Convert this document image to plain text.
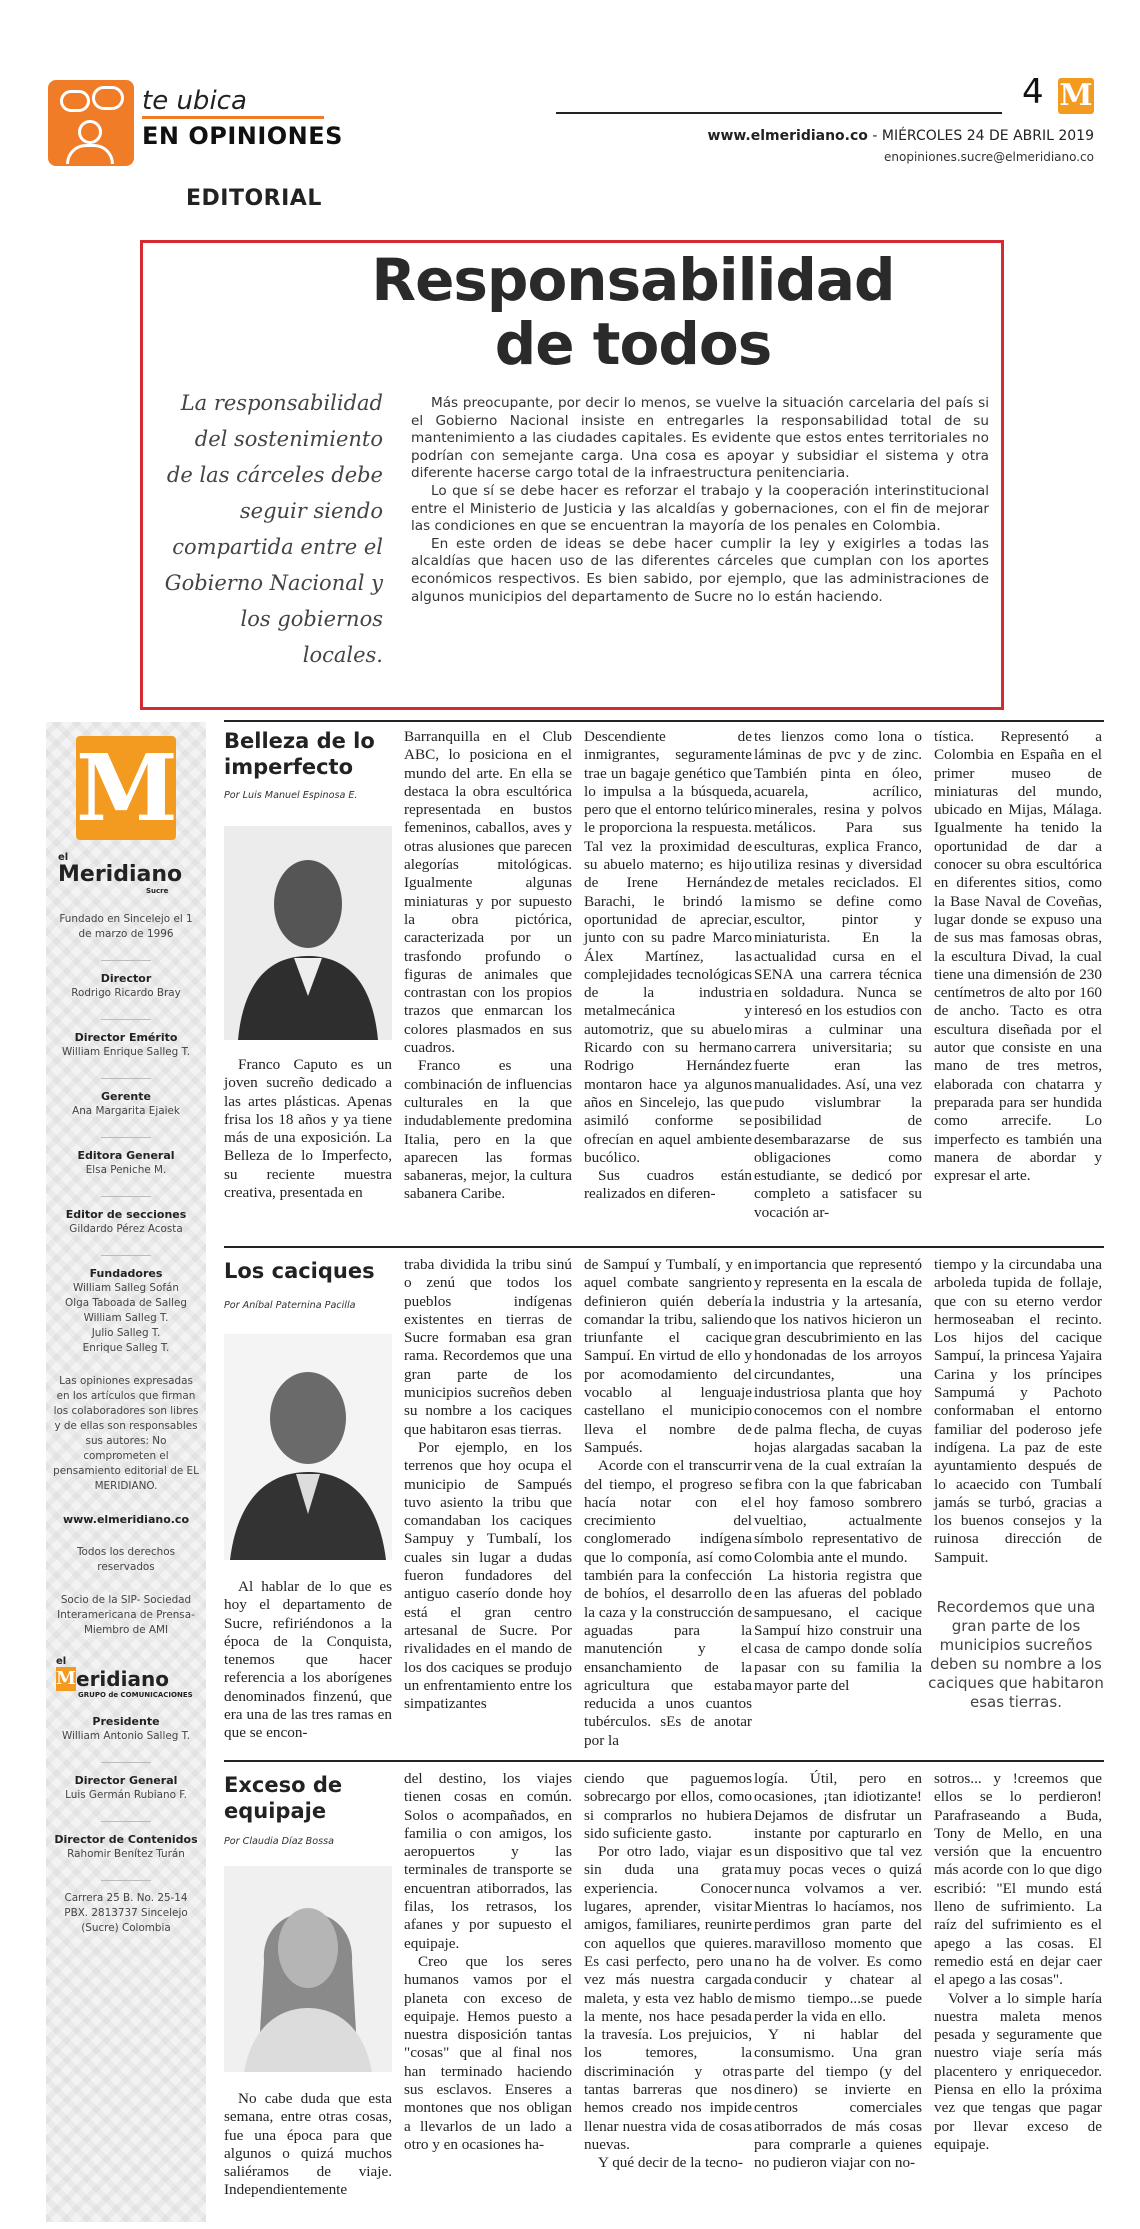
te ubica
EN OPINIONES
4 M
www.elmeridiano.co - MIÉRCOLES 24 DE ABRIL 2019
enopiniones.sucre@elmeridiano.co
EDITORIAL
Responsabilidad
de todos
La responsabilidad del sostenimiento de las cárceles debe seguir siendo compartida entre el Gobierno Nacional y los gobiernos locales.

Más preocupante, por decir lo menos, se vuelve la situación carcelaria del país si el Gobierno Nacional insiste en entregarles la responsabilidad total de su mantenimiento a las ciudades capitales. Es evidente que estos entes territoriales no podrían con semejante carga. Una cosa es apoyar y subsidiar el sistema y otra diferente hacerse cargo total de la infraestructura penitenciaria.

Lo que sí se debe hacer es reforzar el trabajo y la cooperación interinstitucional entre el Ministerio de Justicia y las alcaldías y gobernaciones, con el fin de mejorar las condiciones en que se encuentran la mayoría de los penales en Colombia.

En este orden de ideas se debe hacer cumplir la ley y exigirles a todas las alcaldías que hacen uso de las diferentes cárceles que cumplan con los aportes económicos respectivos. Es bien sabido, por ejemplo, que las administraciones de algunos municipios del departamento de Sucre no lo están haciendo.

M
el
Meridiano
Sucre
Fundado en Sincelejo el 1 de marzo de 1996
Director
Rodrigo Ricardo Bray
Director Emérito
William Enrique Salleg T.
Gerente
Ana Margarita Ejaiek
Editora General
Elsa Peniche M.
Editor de secciones
Gildardo Pérez Acosta
Fundadores
William Salleg Sofán
Olga Taboada de Salleg
William Salleg T.
Julio Salleg T.
Enrique Salleg T.
Las opiniones expresadas en los artículos que firman los colaboradores son libres y de ellas son responsables sus autores: No comprometen el pensamiento editorial de EL MERIDIANO.
www.elmeridiano.co
Todos los derechos reservados
Socio de la SIP- Sociedad Interamericana de Prensa- Miembro de AMI
el
M eridiano
GRUPO de COMUNICACIONES
Presidente
William Antonio Salleg T.
Director General
Luis Germán Rubiano F.
Director de Contenidos
Rahomir Benítez Turán
Carrera 25 B. No. 25-14 PBX. 2813737 Sincelejo (Sucre) Colombia
Belleza de lo imperfecto
Por Luis Manuel Espinosa E.

Franco Caputo es un joven sucreño dedicado a las artes plásticas. Apenas frisa los 18 años y ya tiene más de una exposición. La Belleza de lo Imperfecto, su reciente muestra creativa, presentada en

Barranquilla en el Club ABC, lo posiciona en el mundo del arte. En ella se destaca la obra escultórica representada en bustos femeninos, caballos, aves y otras alusiones que parecen alegorías mitológicas. Igualmente algunas miniaturas y por supuesto la obra pictórica, caracterizada por un trasfondo profundo o figuras de animales que contrastan con los propios trazos que enmarcan los colores plasmados en sus cuadros.

Franco es una combinación de influencias culturales en la que indudablemente predomina Italia, pero en la que aparecen las formas sabaneras, mejor, la cultura sabanera Caribe.

Descendiente de inmigrantes, seguramente trae un bagaje genético que lo impulsa a la búsqueda, pero que el entorno telúrico le proporciona la respuesta. Tal vez la proximidad de su abuelo materno; es hijo de Irene Hernández Barachi, le brindó la oportunidad de apreciar, junto con su padre Marco Álex Martínez, las complejidades tecnológicas de la industria metalmecánica y automotriz, que su abuelo Ricardo con su hermano Rodrigo Hernández montaron hace ya algunos años en Sincelejo, las que asimiló conforme se ofrecían en aquel ambiente bucólico.

Sus cuadros están realizados en diferen-

tes lienzos como lona o láminas de pvc y de zinc. También pinta en óleo, acuarela, acrílico, minerales, resina y polvos metálicos. Para sus esculturas, explica Franco, utiliza resinas y diversidad de metales reciclados. El mismo se define como escultor, pintor y miniaturista. En la actualidad cursa en el SENA una carrera técnica en soldadura. Nunca se interesó en los estudios con miras a culminar una carrera universitaria; su fuerte eran las manualidades. Así, una vez pudo vislumbrar la posibilidad de desembarazarse de sus obligaciones como estudiante, se dedicó por completo a satisfacer su vocación ar-

tística. Representó a Colombia en España en el primer museo de miniaturas del mundo, ubicado en Mijas, Málaga. Igualmente ha tenido la oportunidad de dar a conocer su obra escultórica en diferentes sitios, como la Base Naval de Coveñas, lugar donde se expuso una de sus mas famosas obras, la escultura Divad, la cual tiene una dimensión de 230 centímetros de alto por 160 de ancho. Tacto es otra escultura diseñada por el autor que consiste en una mano de tres metros, elaborada con chatarra y preparada para ser hundida como arrecife. Lo imperfecto es también una manera de abordar y expresar el arte.

Los caciques
Por Aníbal Paternina Pacilla

Al hablar de lo que es hoy el departamento de Sucre, refiriéndonos a la época de la Conquista, tenemos que hacer referencia a los aborígenes denominados finzenú, que era una de las tres ramas en que se encon-

traba dividida la tribu sinú o zenú que todos los pueblos indígenas existentes en tierras de Sucre formaban esa gran rama. Recordemos que una gran parte de los municipios sucreños deben su nombre a los caciques que habitaron esas tierras.

Por ejemplo, en los terrenos que hoy ocupa el municipio de Sampués tuvo asiento la tribu que comandaban los caciques Sampuy y Tumbalí, los cuales sin lugar a dudas fueron fundadores del antiguo caserío donde hoy está el gran centro artesanal de Sucre. Por rivalidades en el mando de los dos caciques se produjo un enfrentamiento entre los simpatizantes

de Sampuí y Tumbalí, y en aquel combate sangriento definieron quién debería comandar la tribu, saliendo triunfante el cacique Sampuí. En virtud de ello y por acomodamiento del vocablo al lenguaje castellano el municipio lleva el nombre de Sampués.

Acorde con el transcurrir del tiempo, el progreso se hacía notar con el crecimiento del conglomerado indígena que lo componía, así como también para la confección de bohíos, el desarrollo de la caza y la construcción de aguadas para la manutención y el ensanchamiento de la agricultura que estaba reducida a unos cuantos tubérculos. sEs de anotar por la

importancia que representó y representa en la escala de la industria y la artesanía, que los nativos hicieron un gran descubrimiento en las hondonadas de los arroyos circundantes, una industriosa planta que hoy conocemos con el nombre de palma flecha, de cuyas hojas alargadas sacaban la vena de la cual extraían la fibra con la que fabricaban el hoy famoso sombrero vueltiao, actualmente símbolo representativo de Colombia ante el mundo.

La historia registra que en las afueras del poblado sampuesano, el cacique Sampuí hizo construir una casa de campo donde solía pasar con su familia la mayor parte del

tiempo y la circundaba una arboleda tupida de follaje, que con su eterno verdor hermoseaban el recinto. Los hijos del cacique Sampuí, la princesa Yajaira Carina y los príncipes Sampumá y Pachoto conformaban el entorno familiar del poderoso jefe indígena. La paz de este ayuntamiento después de lo acaecido con Tumbalí jamás se turbó, gracias a los buenos consejos y la ruinosa dirección de Sampuit.

Recordemos que una gran parte de los municipios sucreños deben su nombre a los caciques que habitaron esas tierras.
Exceso de equipaje
Por Claudia Díaz Bossa

No cabe duda que esta semana, entre otras cosas, fue una época para que algunos o quizá muchos saliéramos de viaje. Independientemente

del destino, los viajes tienen cosas en común. Solos o acompañados, en familia o con amigos, los aeropuertos y las terminales de transporte se encuentran atiborrados, las filas, los retrasos, los afanes y por supuesto el equipaje.

Creo que los seres humanos vamos por el planeta con exceso de equipaje. Hemos puesto a nuestra disposición tantas "cosas" que al final nos han terminado haciendo sus esclavos. Enseres a montones que nos obligan a llevarlos de un lado a otro y en ocasiones ha-

ciendo que paguemos sobrecargo por ellos, como si comprarlos no hubiera sido suficiente gasto.

Por otro lado, viajar es sin duda una grata experiencia. Conocer lugares, aprender, visitar amigos, familiares, reunirte con aquellos que quieres. Es casi perfecto, pero una vez más nuestra cargada maleta, y esta vez hablo de la mente, nos hace pesada la travesía. Los prejuicios, los temores, la discriminación y otras tantas barreras que nos hemos creado nos impide llenar nuestra vida de cosas nuevas.

Y qué decir de la tecno-

logía. Útil, pero en ocasiones, ¡tan idiotizante! Dejamos de disfrutar un instante por capturarlo en un dispositivo que tal vez muy pocas veces o quizá nunca volvamos a ver. Mientras lo hacíamos, nos perdimos gran parte del maravilloso momento que no ha de volver. Es como conducir y chatear al mismo tiempo...se puede perder la vida en ello.

Y ni hablar del consumismo. Una gran parte del tiempo (y del dinero) se invierte en centros comerciales atiborrados de más cosas para comprarle a quienes no pudieron viajar con no-

sotros... y !creemos que ellos se lo perdieron! Parafraseando a Buda, Tony de Mello, en una versión que la encuentro más acorde con lo que digo escribió: "El mundo está lleno de sufrimiento. La raíz del sufrimiento es el apego a las cosas. El remedio está en dejar caer el apego a las cosas".

Volver a lo simple haría nuestra maleta menos pesada y seguramente que nuestro viaje sería más placentero y enriquecedor. Piensa en ello la próxima vez que tengas que pagar por llevar exceso de equipaje.
